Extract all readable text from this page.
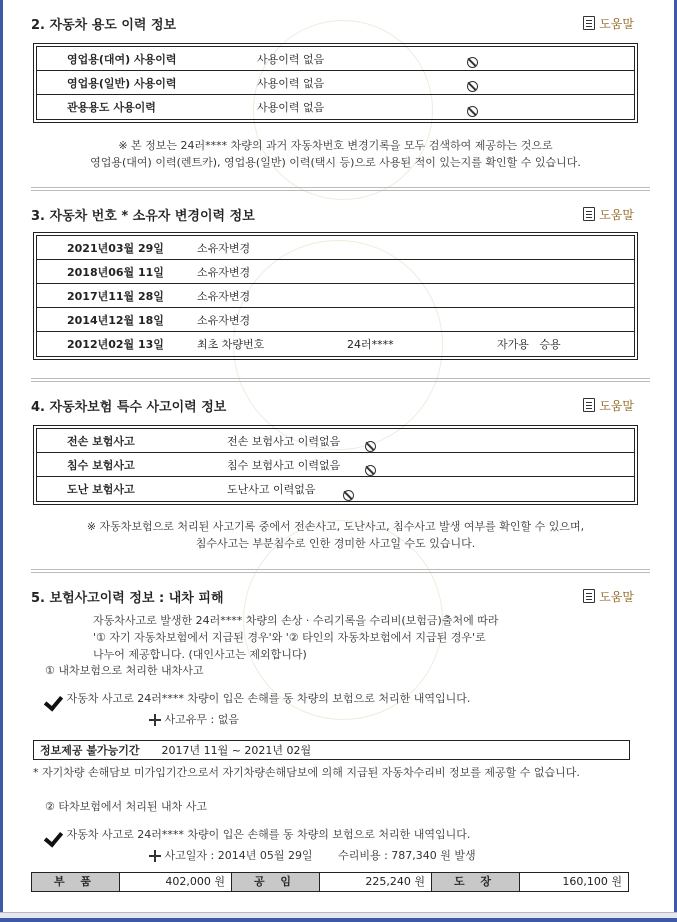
2. 자동차 용도 이력 정보	도움말
영업용(대여) 사용이력	사용이력 없음
영업용(일반) 사용이력	사용이력 없음
관용용도 사용이력	사용이력 없음
※ 본 정보는 24러**** 차량의 과거 자동차번호 변경기록을 모두 검색하여 제공하는 것으로
영업용(대여) 이력(렌트카), 영업용(일반) 이력(택시 등)으로 사용된 적이 있는지를 확인할 수 있습니다.
3. 자동차 번호 * 소유자 변경이력 정보	도움말
2021년03월 29일	소유자변경
2018년06월 11일	소유자변경
2017년11월 28일	소유자변경
2014년12월 18일	소유자변경
2012년02월 13일	최초 차량번호	24러****	자가용   승용
4. 자동차보험 특수 사고이력 정보	도움말
전손 보험사고	전손 보험사고 이력없음
침수 보험사고	침수 보험사고 이력없음
도난 보험사고	도난사고 이력없음
※ 자동차보험으로 처리된 사고기록 중에서 전손사고, 도난사고, 침수사고 발생 여부를 확인할 수 있으며,
침수사고는 부분침수로 인한 경미한 사고일 수도 있습니다.
5. 보험사고이력 정보 : 내차 피해	도움말
자동차사고로 발생한 24러**** 차량의 손상 · 수리기록을 수리비(보험금)출처에 따라
'① 자기 자동차보험에서 지급된 경우'와 '② 타인의 자동차보험에서 지급된 경우'로
나누어 제공합니다. (대인사고는 제외합니다)
① 내차보험으로 처리한 내차사고
자동차 사고로 24러**** 차량이 입은 손해를 동 차량의 보험으로 처리한 내역입니다.
사고유무 : 없음
정보제공 불가능기간 2017년 11월 ~ 2021년 02월
* 자기차량 손해담보 미가입기간으로서 자기차량손해담보에 의해 지급된 자동차수리비 정보를 제공할 수 없습니다.
② 타차보험에서 처리된 내차 사고
자동차 사고로 24러**** 차량이 입은 손해를 동 차량의 보험으로 처리한 내역입니다.
사고일자 : 2014년 05월 29일 수리비용 : 787,340 원 발생
부 품	402,000 원	공 임	225,240 원	도 장	160,100 원
